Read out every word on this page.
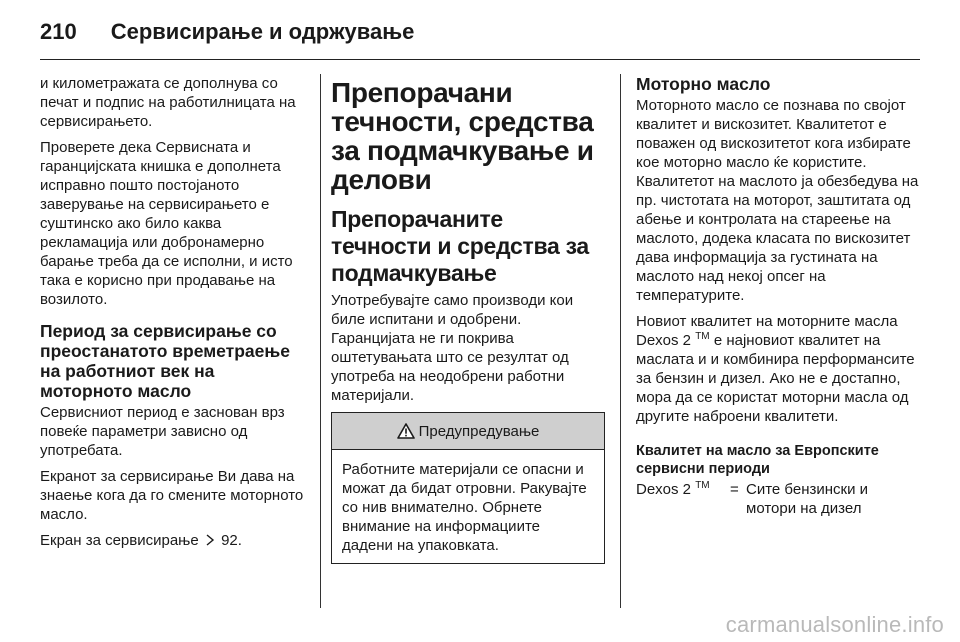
210 Сервисирање и одржување

и километражата се дополнува со печат и подпис на работилницата на сервисирањето.

Проверете дека Сервисната и гаранцијската книшка е дополнета исправно пошто постојаното заверување на сервисирањето е суштинско ако било каква рекламација или добронамерно барање треба да се исполни, и исто така е корисно при продавање на возилото.

Период за сервисирање со преостанатото времетраење на работниот век на моторното масло

Сервисниот период е заснован врз повеќе параметри зависно од употребата.

Екранот за сервисирање Ви дава на знаење кога да го смените моторното масло.

Екран за сервисирање 92.

Препорачани течности, средства за подмачкување и делови
Препорачаните течности и средства за подмачкување

Употребувајте само производи кои биле испитани и одобрени. Гаранцијата не ги покрива оштетувањата што се резултат од употреба на неодобрени работни материјали.

Предупредување

Работните материјали се опасни и можат да бидат отровни. Ракувајте со нив внимателно. Обрнете внимание на информациите дадени на упаковката.

Моторно масло

Моторното масло се познава по својот квалитет и вискозитет. Квалитетот е поважен од вискозитетот кога избирате кое моторно масло ќе користите. Квалитетот на маслото ја обезбедува на пр. чистотата на моторот, заштитата од абење и контролата на стареење на маслото, додека класата по вискозитет дава информација за густината на маслото над некој опсег на температурите.

Новиот квалитет на моторните масла Dexos 2 ™ е најновиот квалитет на маслата и и комбинира перформансите за бензин и дизел. Ако не е достапно, мора да се користат моторни масла од другите наброени квалитети.

Квалитет на масло за Европските сервисни периоди
Dexos 2 ™	= Сите бензински и мотори на дизел
carmanualsonline.info
